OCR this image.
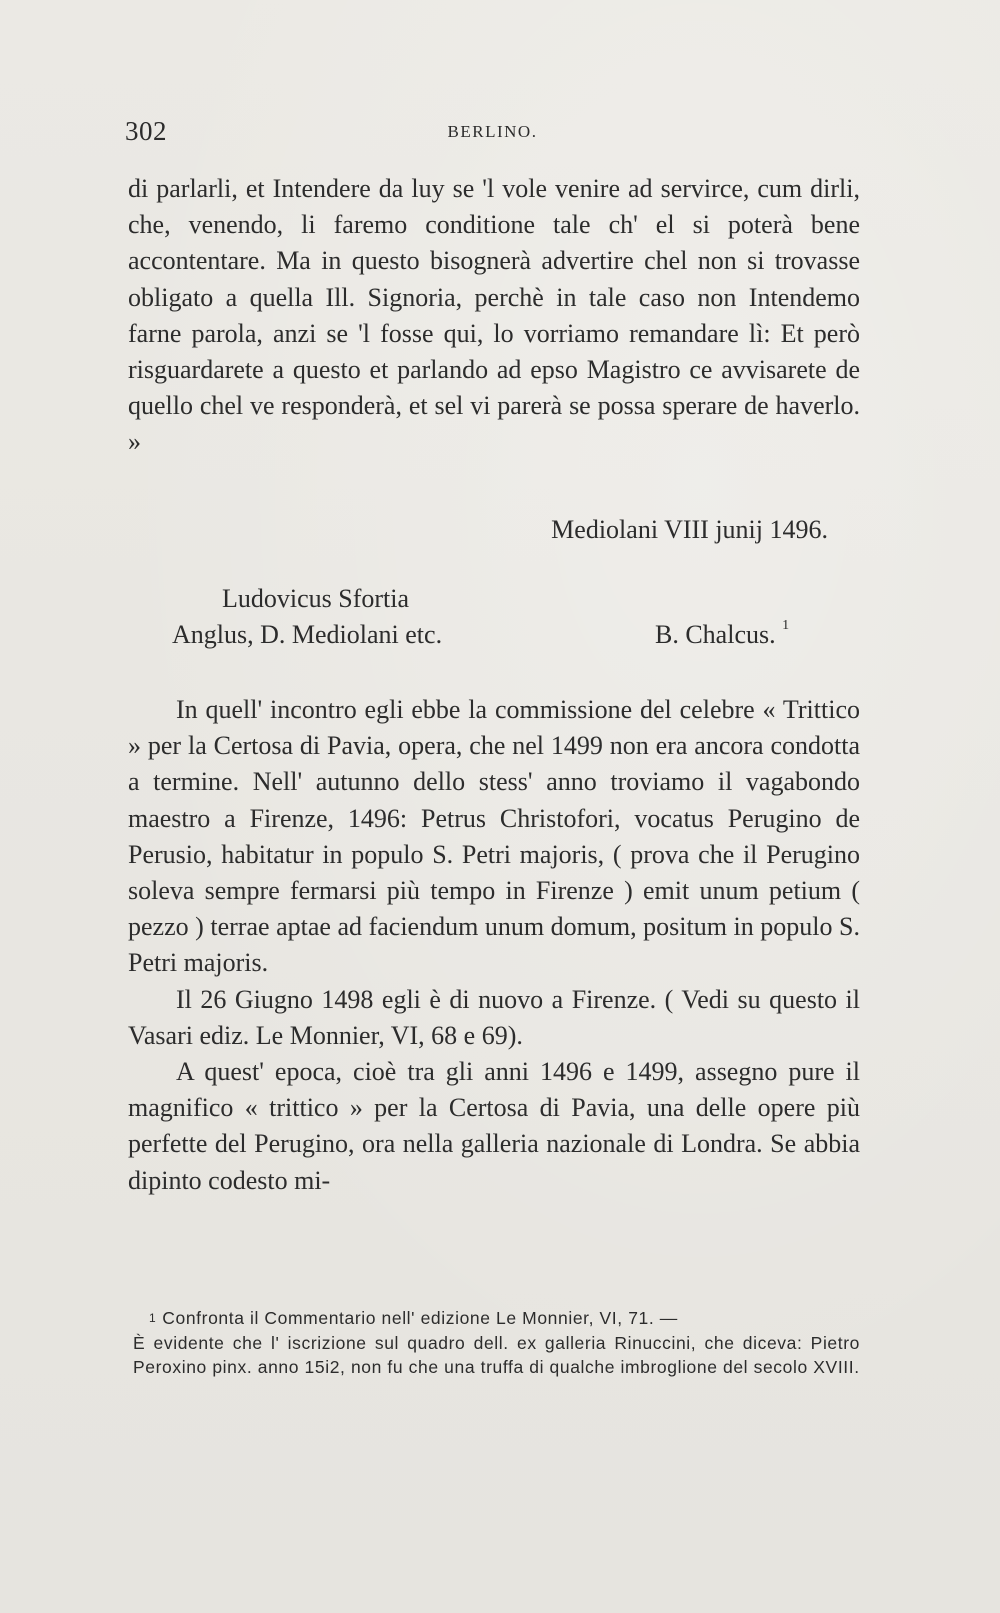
302	BERLINO.

di parlarli, et Intendere da luy se 'l vole venire ad servirce, cum dirli, che, venendo, li faremo conditione tale ch' el si poterà bene accontentare. Ma in questo bisognerà advertire chel non si trovasse obligato a quella Ill. Signoria, perchè in tale caso non Intendemo farne parola, anzi se 'l fosse qui, lo vorriamo remandare lì: Et però risguardarete a questo et parlando ad epso Magistro ce avvisarete de quello chel ve responderà, et sel vi parerà se possa sperare de haverlo. »

Mediolani VIII junij 1496.
Ludovicus Sfortia
Anglus, D. Mediolani etc.	B. Chalcus. $^1$

In quell' incontro egli ebbe la commissione del celebre « Trittico » per la Certosa di Pavia, opera, che nel 1499 non era ancora condotta a termine. Nell' autunno dello stess' anno troviamo il vagabondo maestro a Firenze, 1496: Petrus Christofori, vocatus Perugino de Perusio, habitatur in populo S. Petri majoris, ( prova che il Perugino soleva sempre fermarsi più tempo in Firenze ) emit unum petium ( pezzo ) terrae aptae ad faciendum unum domum, positum in populo S. Petri majoris.

Il 26 Giugno 1498 egli è di nuovo a Firenze. ( Vedi su questo il Vasari ediz. Le Monnier, VI, 68 e 69).

A quest' epoca, cioè tra gli anni 1496 e 1499, assegno pure il magnifico « trittico » per la Certosa di Pavia, una delle opere più perfette del Perugino, ora nella galleria nazionale di Londra. Se abbia dipinto codesto mi-

$^1$ Confronta il Commentario nell' edizione Le Monnier, VI, 71. —

È evidente che l' iscrizione sul quadro dell. ex galleria Rinuccini, che diceva: Pietro Peroxino pinx. anno 15i2, non fu che una truffa di qualche imbroglione del secolo XVIII.
